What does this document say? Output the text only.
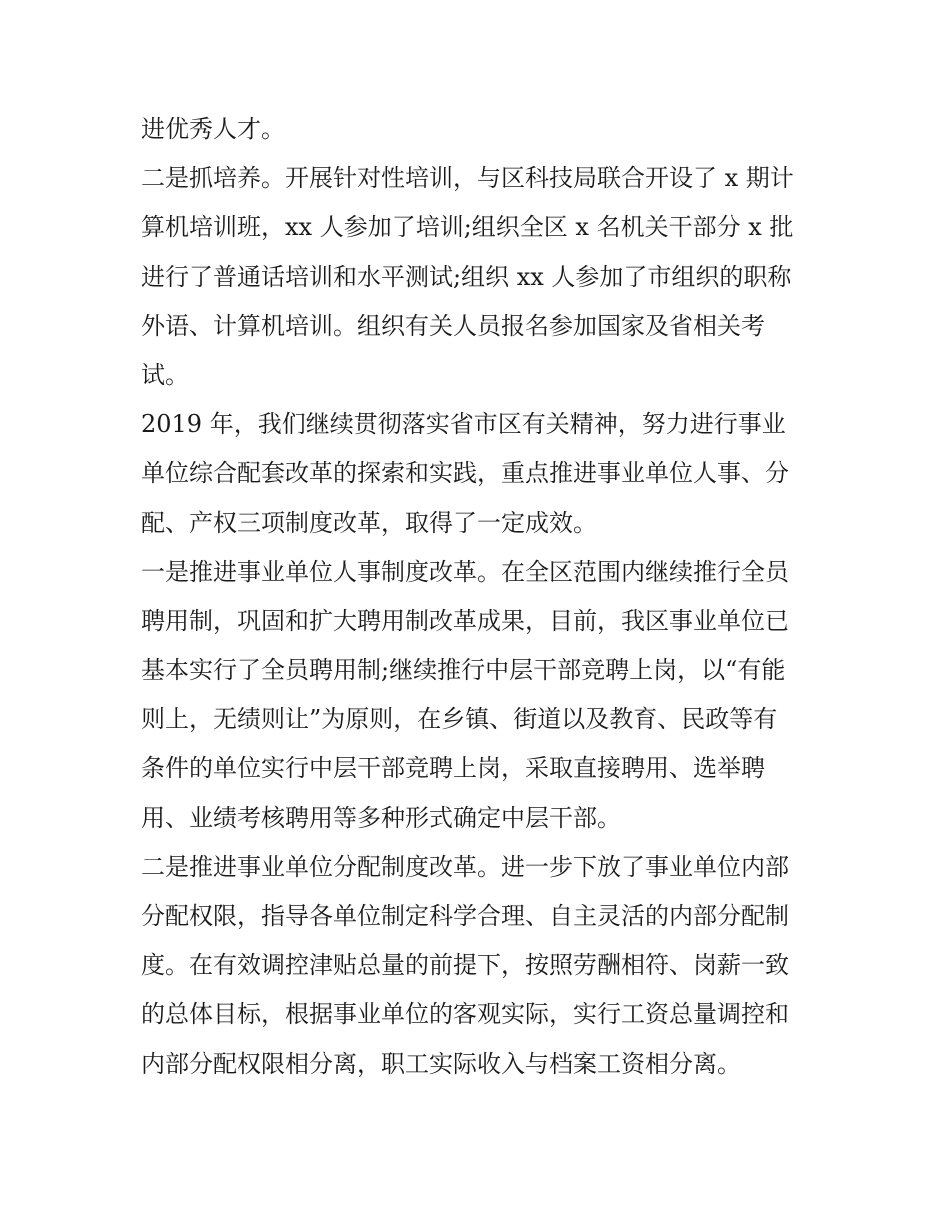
进优秀人才。

二是抓培养。开展针对性培训，与区科技局联合开设了 x 期计
算机培训班，xx 人参加了培训;组织全区 x 名机关干部分 x 批
进行了普通话培训和水平测试;组织 xx 人参加了市组织的职称
外语、计算机培训。组织有关人员报名参加国家及省相关考
试。

2019 年，我们继续贯彻落实省市区有关精神，努力进行事业
单位综合配套改革的探索和实践，重点推进事业单位人事、分
配、产权三项制度改革，取得了一定成效。

一是推进事业单位人事制度改革。在全区范围内继续推行全员
聘用制，巩固和扩大聘用制改革成果，目前，我区事业单位已
基本实行了全员聘用制;继续推行中层干部竞聘上岗，以“有能
则上，无绩则让”为原则，在乡镇、街道以及教育、民政等有
条件的单位实行中层干部竞聘上岗，采取直接聘用、选举聘
用、业绩考核聘用等多种形式确定中层干部。

二是推进事业单位分配制度改革。进一步下放了事业单位内部
分配权限，指导各单位制定科学合理、自主灵活的内部分配制
度。在有效调控津贴总量的前提下，按照劳酬相符、岗薪一致
的总体目标，根据事业单位的客观实际，实行工资总量调控和
内部分配权限相分离，职工实际收入与档案工资相分离。
